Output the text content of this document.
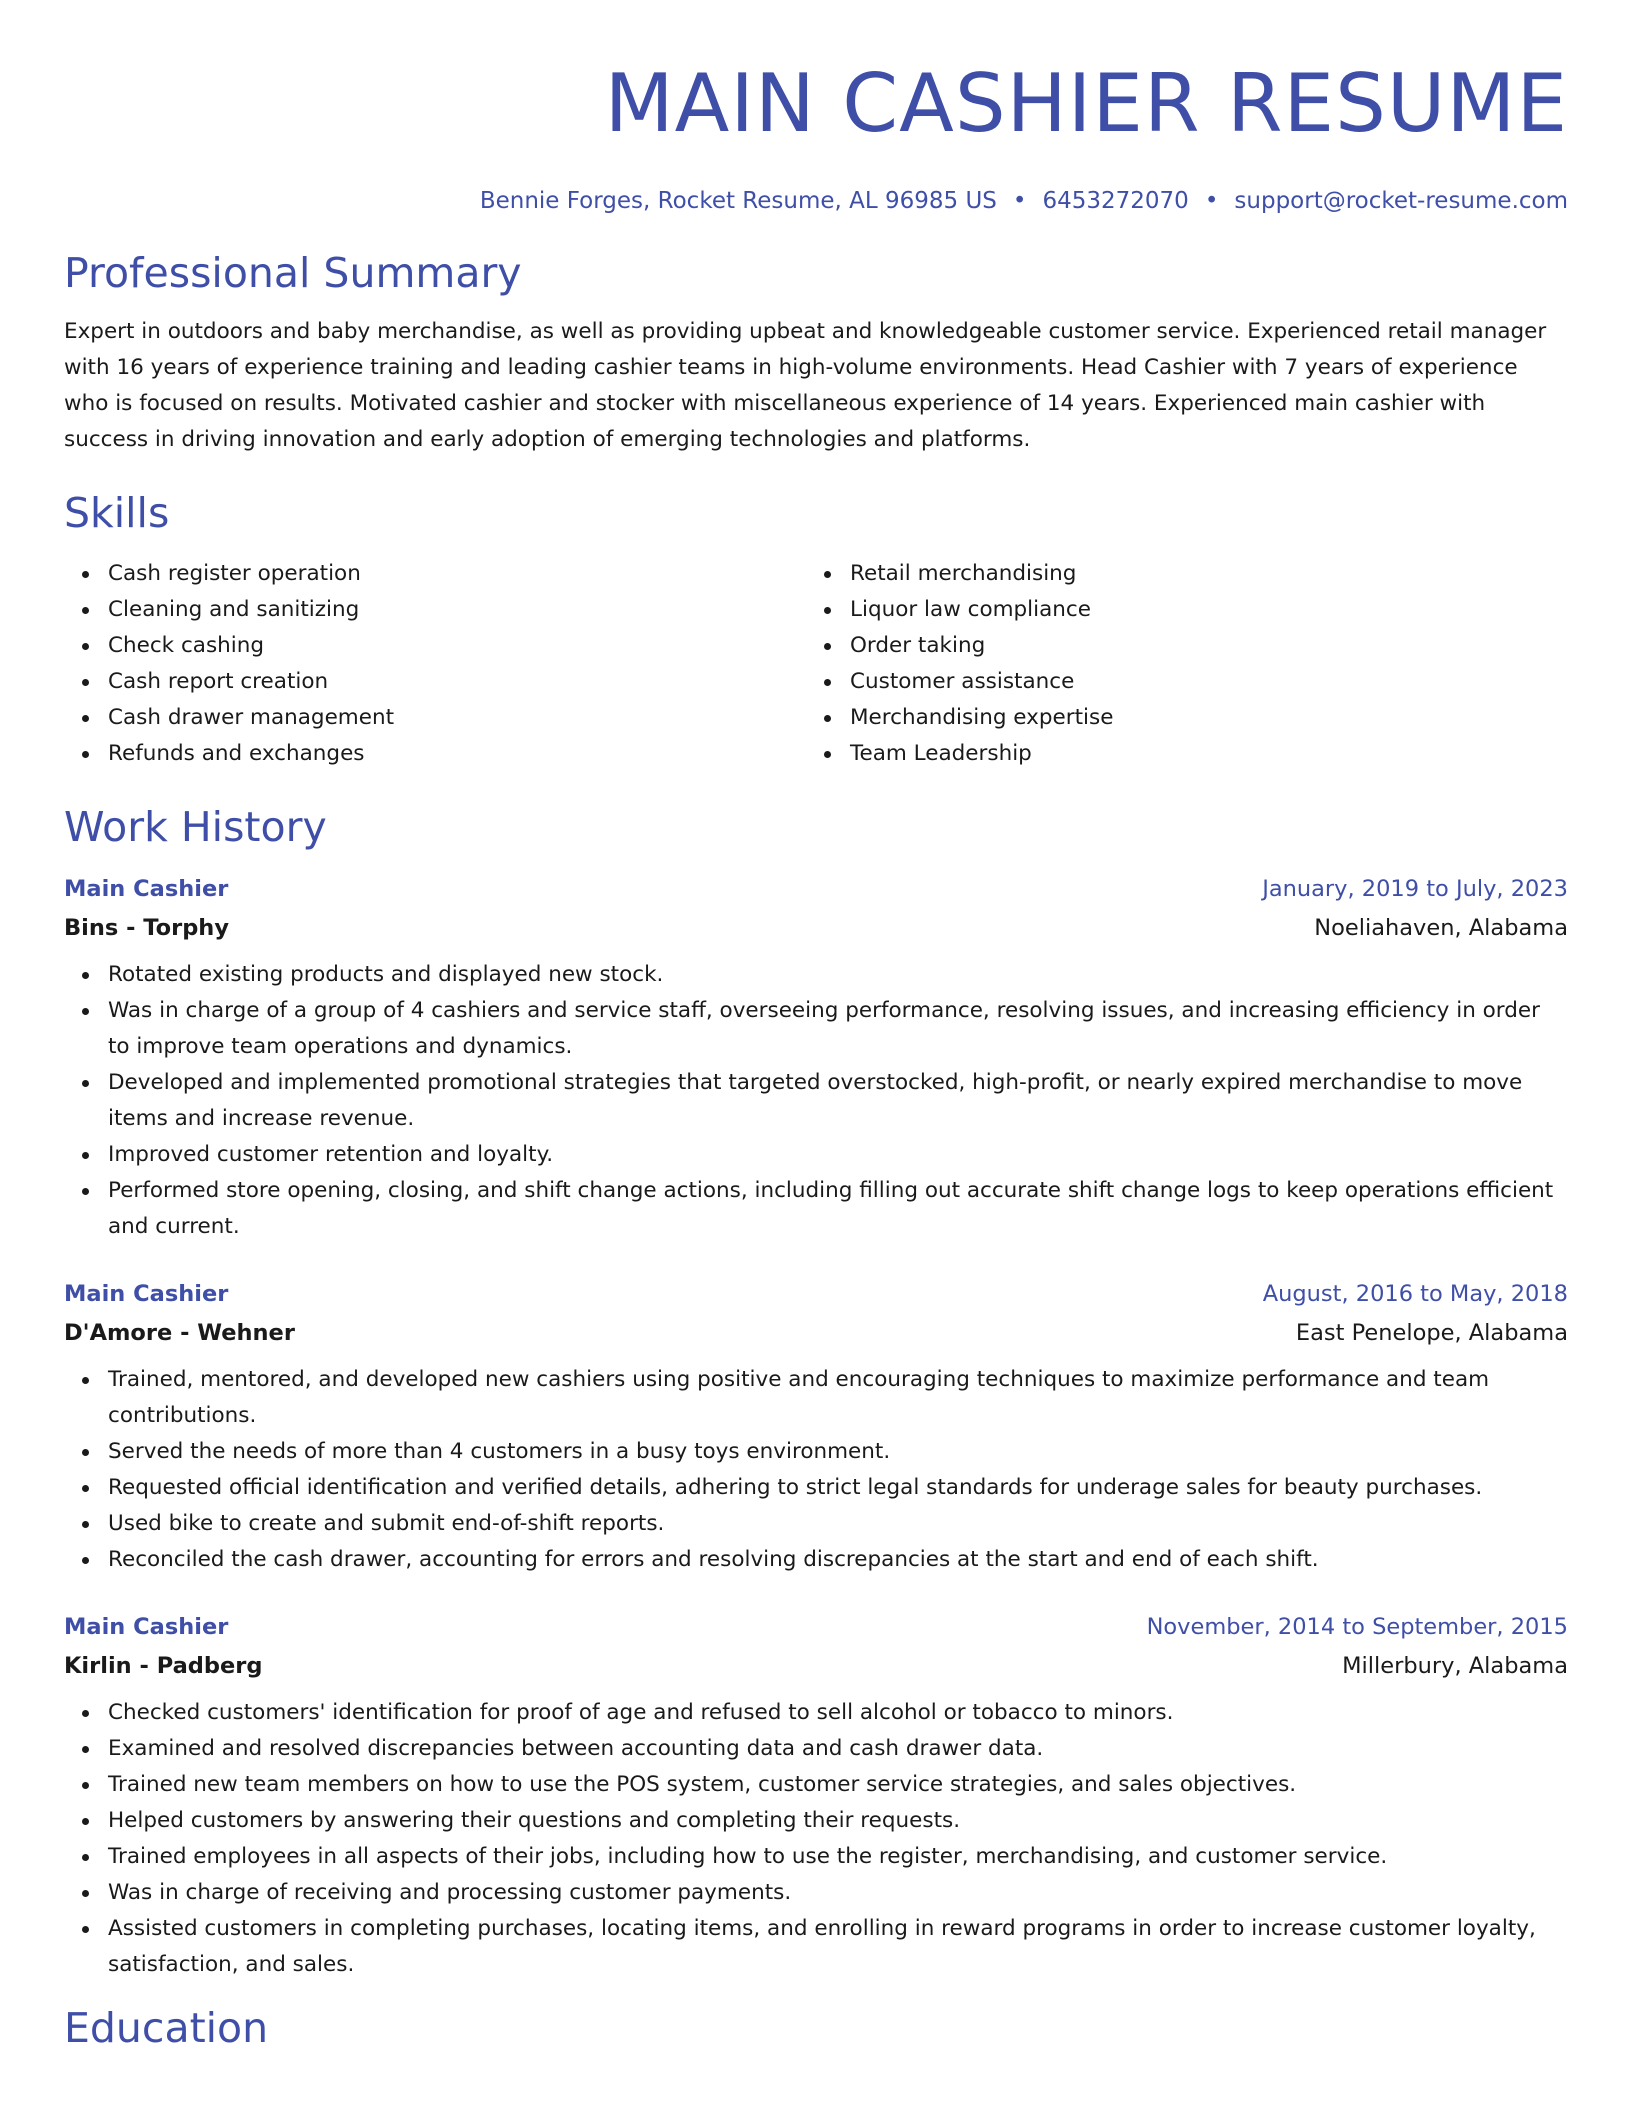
MAIN CASHIER RESUME
Bennie Forges, Rocket Resume, AL 96985 US • 6453272070 • support@rocket-resume.com
Professional Summary

Expert in outdoors and baby merchandise, as well as providing upbeat and knowledgeable customer service. Experienced retail manager with 16 years of experience training and leading cashier teams in high-volume environments. Head Cashier with 7 years of experience who is focused on results. Motivated cashier and stocker with miscellaneous experience of 14 years. Experienced main cashier with success in driving innovation and early adoption of emerging technologies and platforms.

Skills
Cash register operation
Cleaning and sanitizing
Check cashing
Cash report creation
Cash drawer management
Refunds and exchanges
Retail merchandising
Liquor law compliance
Order taking
Customer assistance
Merchandising expertise
Team Leadership
Work History
Main Cashier	January, 2019 to July, 2023
Bins - Torphy	Noeliahaven, Alabama
Rotated existing products and displayed new stock.
Was in charge of a group of 4 cashiers and service staff, overseeing performance, resolving issues, and increasing efficiency in order to improve team operations and dynamics.
Developed and implemented promotional strategies that targeted overstocked, high-profit, or nearly expired merchandise to move items and increase revenue.
Improved customer retention and loyalty.
Performed store opening, closing, and shift change actions, including filling out accurate shift change logs to keep operations efficient and current.
Main Cashier	August, 2016 to May, 2018
D'Amore - Wehner	East Penelope, Alabama
Trained, mentored, and developed new cashiers using positive and encouraging techniques to maximize performance and team contributions.
Served the needs of more than 4 customers in a busy toys environment.
Requested official identification and verified details, adhering to strict legal standards for underage sales for beauty purchases.
Used bike to create and submit end-of-shift reports.
Reconciled the cash drawer, accounting for errors and resolving discrepancies at the start and end of each shift.
Main Cashier	November, 2014 to September, 2015
Kirlin - Padberg	Millerbury, Alabama
Checked customers' identification for proof of age and refused to sell alcohol or tobacco to minors.
Examined and resolved discrepancies between accounting data and cash drawer data.
Trained new team members on how to use the POS system, customer service strategies, and sales objectives.
Helped customers by answering their questions and completing their requests.
Trained employees in all aspects of their jobs, including how to use the register, merchandising, and customer service.
Was in charge of receiving and processing customer payments.
Assisted customers in completing purchases, locating items, and enrolling in reward programs in order to increase customer loyalty, satisfaction, and sales.
Education
